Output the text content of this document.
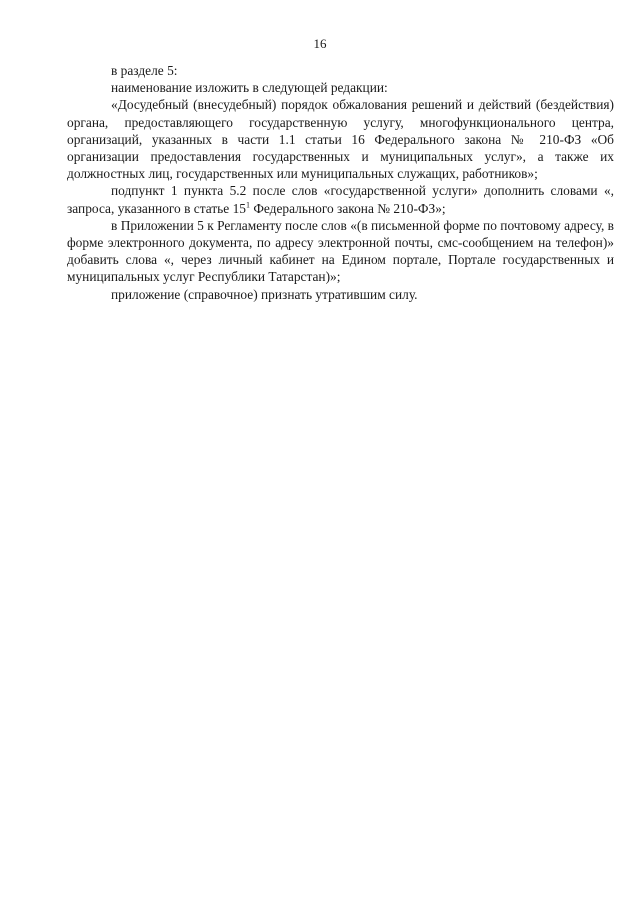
16

в разделе 5:

наименование изложить в следующей редакции:

«Досудебный (внесудебный) порядок обжалования решений и действий (бездействия) органа, предоставляющего государственную услугу, многофункционального центра, организаций, указанных в части 1.1 статьи 16 Федерального закона № 210-ФЗ «Об организации предоставления государственных и муниципальных услуг», а также их должностных лиц, государственных или муниципальных служащих, работников»;

подпункт 1 пункта 5.2 после слов «государственной услуги» дополнить словами «, запроса, указанного в статье $15^1$ Федерального закона № 210-ФЗ»;

в Приложении 5 к Регламенту после слов «(в письменной форме по почтовому адресу, в форме электронного документа, по адресу электронной почты, смс-сообщением на телефон)» добавить слова «, через личный кабинет на Едином портале, Портале государственных и муниципальных услуг Республики Татарстан)»;

приложение (справочное) признать утратившим силу.
